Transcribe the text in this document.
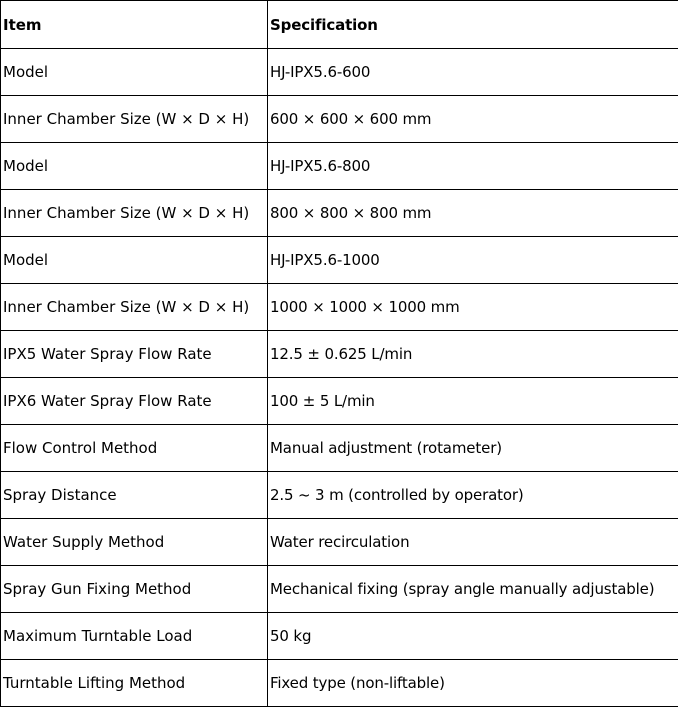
Item	Specification
Model	HJ-IPX5.6-600
Inner Chamber Size (W × D × H)	600 × 600 × 600 mm
Model	HJ-IPX5.6-800
Inner Chamber Size (W × D × H)	800 × 800 × 800 mm
Model	HJ-IPX5.6-1000
Inner Chamber Size (W × D × H)	1000 × 1000 × 1000 mm
IPX5 Water Spray Flow Rate	12.5 ± 0.625 L/min
IPX6 Water Spray Flow Rate	100 ± 5 L/min
Flow Control Method	Manual adjustment (rotameter)
Spray Distance	2.5 ~ 3 m (controlled by operator)
Water Supply Method	Water recirculation
Spray Gun Fixing Method	Mechanical fixing (spray angle manually adjustable)
Maximum Turntable Load	50 kg
Turntable Lifting Method	Fixed type (non-liftable)
